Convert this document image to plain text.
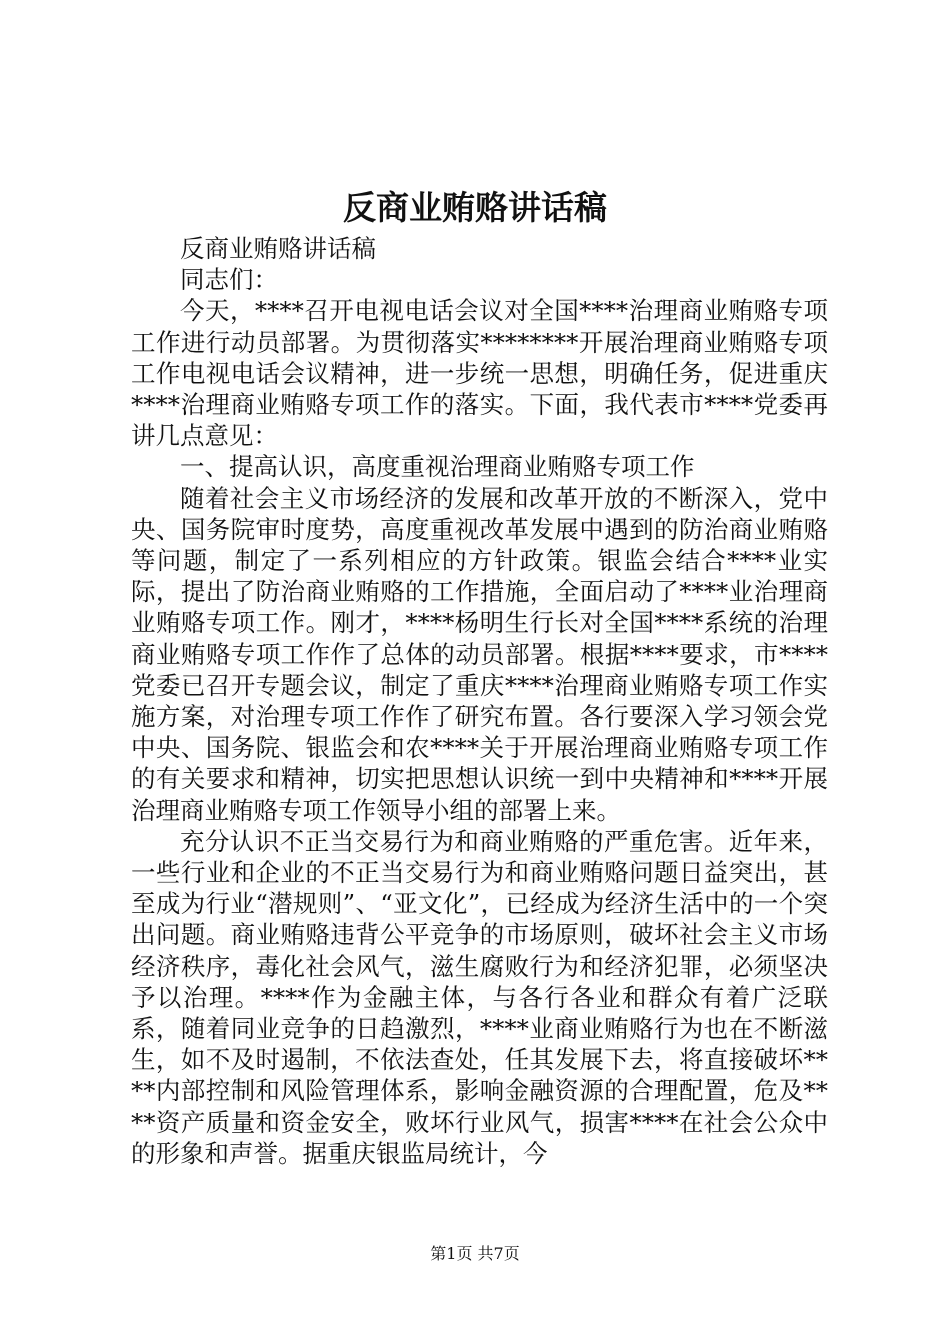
反商业贿赂讲话稿

反商业贿赂讲话稿

同志们：

今天，****召开电视电话会议对全国****治理商业贿赂专项工作进行动员部署。为贯彻落实********开展治理商业贿赂专项工作电视电话会议精神，进一步统一思想，明确任务，促进重庆****治理商业贿赂专项工作的落实。下面，我代表市****党委再讲几点意见：

一、提高认识，高度重视治理商业贿赂专项工作

随着社会主义市场经济的发展和改革开放的不断深入，党中央、国务院审时度势，高度重视改革发展中遇到的防治商业贿赂等问题，制定了一系列相应的方针政策。银监会结合****业实际，提出了防治商业贿赂的工作措施，全面启动了****业治理商业贿赂专项工作。刚才，****杨明生行长对全国****系统的治理商业贿赂专项工作作了总体的动员部署。根据****要求，市****党委已召开专题会议，制定了重庆****治理商业贿赂专项工作实施方案，对治理专项工作作了研究布置。各行要深入学习领会党中央、国务院、银监会和农****关于开展治理商业贿赂专项工作的有关要求和精神，切实把思想认识统一到中央精神和****开展治理商业贿赂专项工作领导小组的部署上来。

充分认识不正当交易行为和商业贿赂的严重危害。近年来，一些行业和企业的不正当交易行为和商业贿赂问题日益突出，甚至成为行业“潜规则”、“亚文化”，已经成为经济生活中的一个突出问题。商业贿赂违背公平竞争的市场原则，破坏社会主义市场经济秩序，毒化社会风气，滋生腐败行为和经济犯罪，必须坚决予以治理。****作为金融主体，与各行各业和群众有着广泛联系，随着同业竞争的日趋激烈，****业商业贿赂行为也在不断滋生，如不及时遏制，不依法查处，任其发展下去，将直接破坏****内部控制和风险管理体系，影响金融资源的合理配置，危及****资产质量和资金安全，败坏行业风气，损害****在社会公众中的形象和声誉。据重庆银监局统计，今

第1页 共7页
